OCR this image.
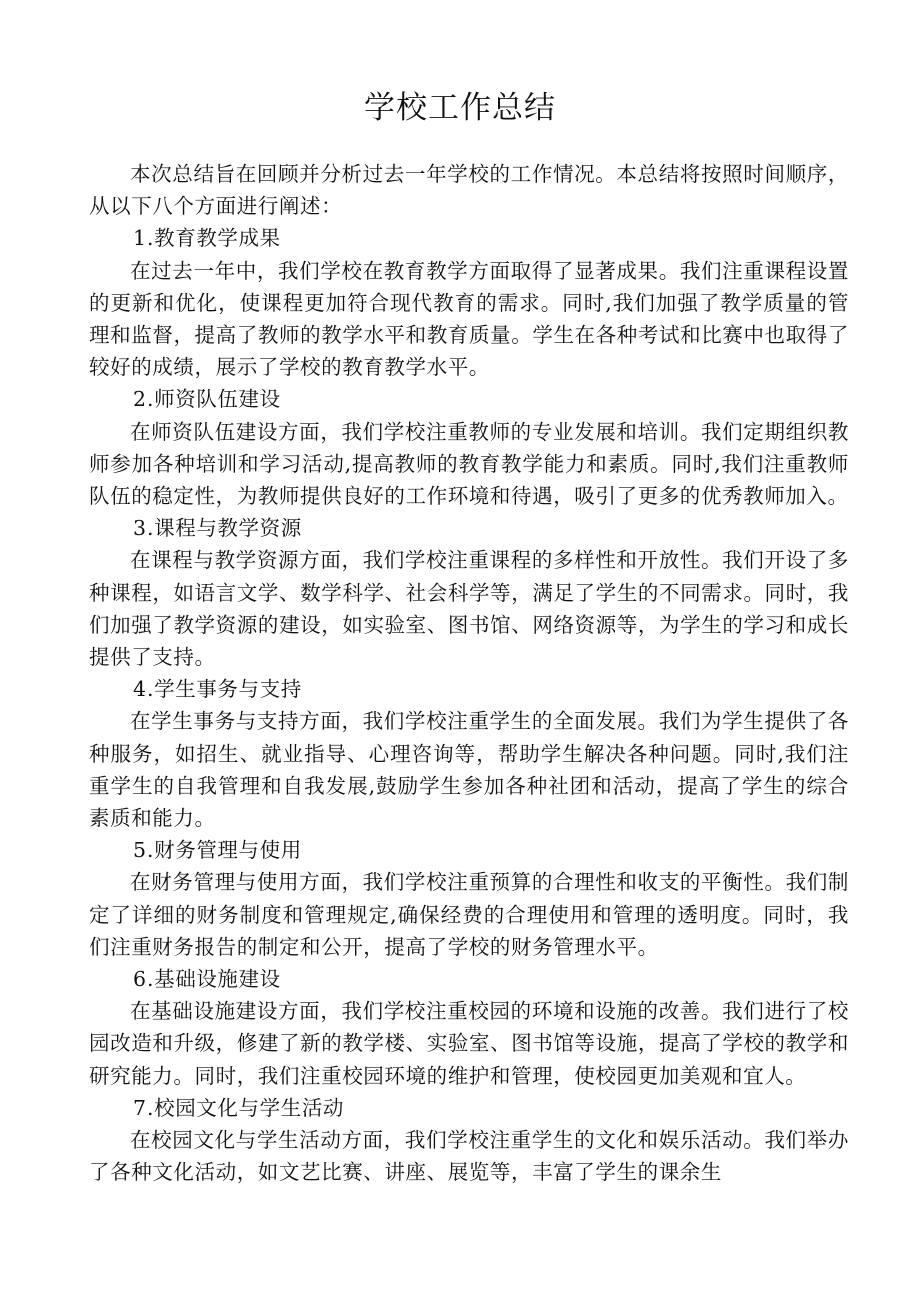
学校工作总结

本次总结旨在回顾并分析过去一年学校的工作情况。本总结将按照时间顺序，从以下八个方面进行阐述：

1.教育教学成果

在过去一年中，我们学校在教育教学方面取得了显著成果。我们注重课程设置的更新和优化，使课程更加符合现代教育的需求。同时,我们加强了教学质量的管理和监督，提高了教师的教学水平和教育质量。学生在各种考试和比赛中也取得了较好的成绩，展示了学校的教育教学水平。

2.师资队伍建设

在师资队伍建设方面，我们学校注重教师的专业发展和培训。我们定期组织教师参加各种培训和学习活动,提高教师的教育教学能力和素质。同时,我们注重教师队伍的稳定性，为教师提供良好的工作环境和待遇，吸引了更多的优秀教师加入。

3.课程与教学资源

在课程与教学资源方面，我们学校注重课程的多样性和开放性。我们开设了多种课程，如语言文学、数学科学、社会科学等，满足了学生的不同需求。同时，我们加强了教学资源的建设，如实验室、图书馆、网络资源等，为学生的学习和成长提供了支持。

4.学生事务与支持

在学生事务与支持方面，我们学校注重学生的全面发展。我们为学生提供了各种服务，如招生、就业指导、心理咨询等，帮助学生解决各种问题。同时,我们注重学生的自我管理和自我发展,鼓励学生参加各种社团和活动，提高了学生的综合素质和能力。

5.财务管理与使用

在财务管理与使用方面，我们学校注重预算的合理性和收支的平衡性。我们制定了详细的财务制度和管理规定,确保经费的合理使用和管理的透明度。同时，我们注重财务报告的制定和公开，提高了学校的财务管理水平。

6.基础设施建设

在基础设施建设方面，我们学校注重校园的环境和设施的改善。我们进行了校园改造和升级，修建了新的教学楼、实验室、图书馆等设施，提高了学校的教学和研究能力。同时，我们注重校园环境的维护和管理，使校园更加美观和宜人。

7.校园文化与学生活动

在校园文化与学生活动方面，我们学校注重学生的文化和娱乐活动。我们举办了各种文化活动，如文艺比赛、讲座、展览等，丰富了学生的课余生
